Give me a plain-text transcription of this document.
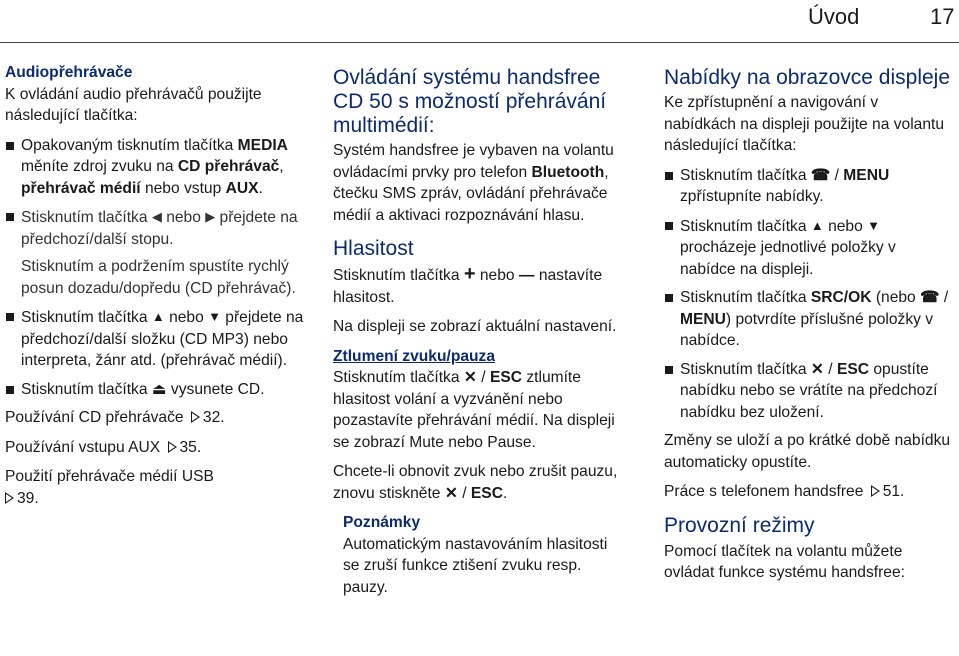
Úvod	17
Audiopřehrávače

K ovládání audio přehrávačů použijte následující tlačítka:

Opakovaným tisknutím tlačítka MEDIA měníte zdroj zvuku na CD přehrávač, přehrávač médií nebo vstup AUX.
Stisknutím tlačítka ◀ nebo ▶ přejdete na předchozí/další stopu.
Stisknutím a podržením spustíte rychlý posun dozadu/dopředu (CD přehrávač).
Stisknutím tlačítka ▲ nebo ▼ přejdete na předchozí/další složku (CD MP3) nebo interpreta, žánr atd. (přehrávač médií).
Stisknutím tlačítka ⏏ vysunete CD.
Používání CD přehrávače 32.
Používání vstupu AUX 35.
Použití přehrávače médií USB
39.
Ovládání systému handsfree CD 50 s možností přehrávání multimédií:

Systém handsfree je vybaven na volantu ovládacími prvky pro telefon Bluetooth, čtečku SMS zpráv, ovládání přehrávače médií a aktivaci rozpoznávání hlasu.

Hlasitost

Stisknutím tlačítka + nebo — nastavíte hlasitost.

Na displeji se zobrazí aktuální nastavení.

Ztlumení zvuku/pauza

Stisknutím tlačítka ✕ / ESC ztlumíte hlasitost volání a vyzvánění nebo pozastavíte přehrávání médií. Na displeji se zobrazí Mute nebo Pause.

Chcete-li obnovit zvuk nebo zrušit pauzu, znovu stiskněte ✕ / ESC.

Poznámky
Automatickým nastavováním hlasitosti se zruší funkce ztišení zvuku resp. pauzy.
Nabídky na obrazovce displeje

Ke zpřístupnění a navigování v nabídkách na displeji použijte na volantu následující tlačítka:

Stisknutím tlačítka ☎ / MENU zpřístupníte nabídky.
Stisknutím tlačítka ▲ nebo ▼ procházeje jednotlivé položky v nabídce na displeji.
Stisknutím tlačítka SRC/OK (nebo ☎ / MENU) potvrdíte příslušné položky v nabídce.
Stisknutím tlačítka ✕ / ESC opustíte nabídku nebo se vrátíte na předchozí nabídku bez uložení.

Změny se uloží a po krátké době nabídku automaticky opustíte.

Práce s telefonem handsfree 51.
Provozní režimy

Pomocí tlačítek na volantu můžete ovládat funkce systému handsfree:
